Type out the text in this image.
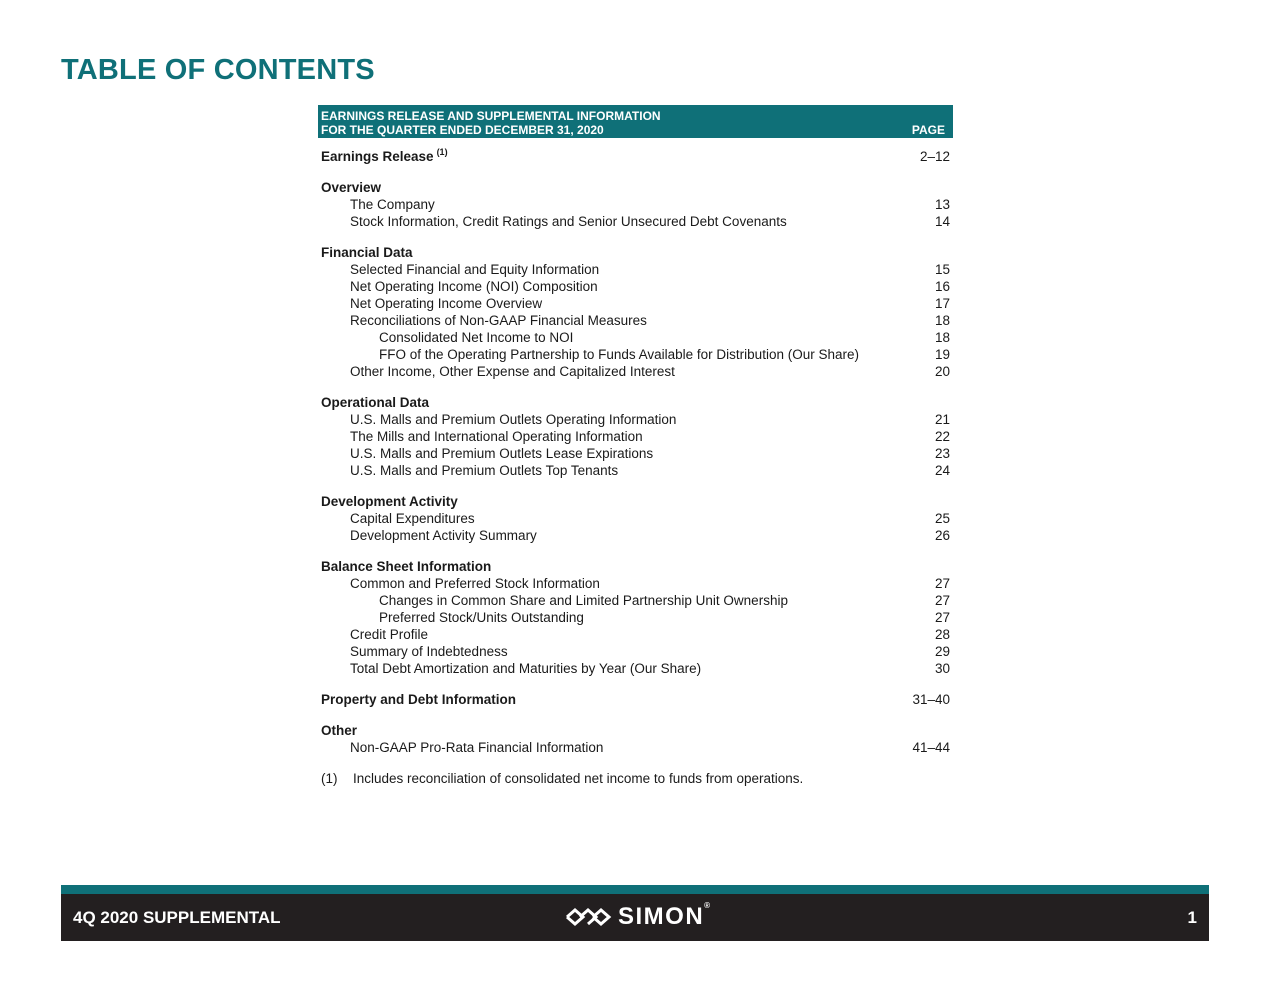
TABLE OF CONTENTS
EARNINGS RELEASE AND SUPPLEMENTAL INFORMATION
FOR THE QUARTER ENDED DECEMBER 31, 2020	PAGE
Earnings Release $^{(1)}$	2–12
Overview
The Company	13
Stock Information, Credit Ratings and Senior Unsecured Debt Covenants	14
Financial Data
Selected Financial and Equity Information	15
Net Operating Income (NOI) Composition	16
Net Operating Income Overview	17
Reconciliations of Non-GAAP Financial Measures	18
Consolidated Net Income to NOI	18
FFO of the Operating Partnership to Funds Available for Distribution (Our Share)	19
Other Income, Other Expense and Capitalized Interest	20
Operational Data
U.S. Malls and Premium Outlets Operating Information	21
The Mills and International Operating Information	22
U.S. Malls and Premium Outlets Lease Expirations	23
U.S. Malls and Premium Outlets Top Tenants	24
Development Activity
Capital Expenditures	25
Development Activity Summary	26
Balance Sheet Information
Common and Preferred Stock Information	27
Changes in Common Share and Limited Partnership Unit Ownership	27
Preferred Stock/Units Outstanding	27
Credit Profile	28
Summary of Indebtedness	29
Total Debt Amortization and Maturities by Year (Our Share)	30
Property and Debt Information	31–40
Other
Non-GAAP Pro-Rata Financial Information	41–44
(1) Includes reconciliation of consolidated net income to funds from operations.
4Q 2020 SUPPLEMENTAL	SIMON®
1
